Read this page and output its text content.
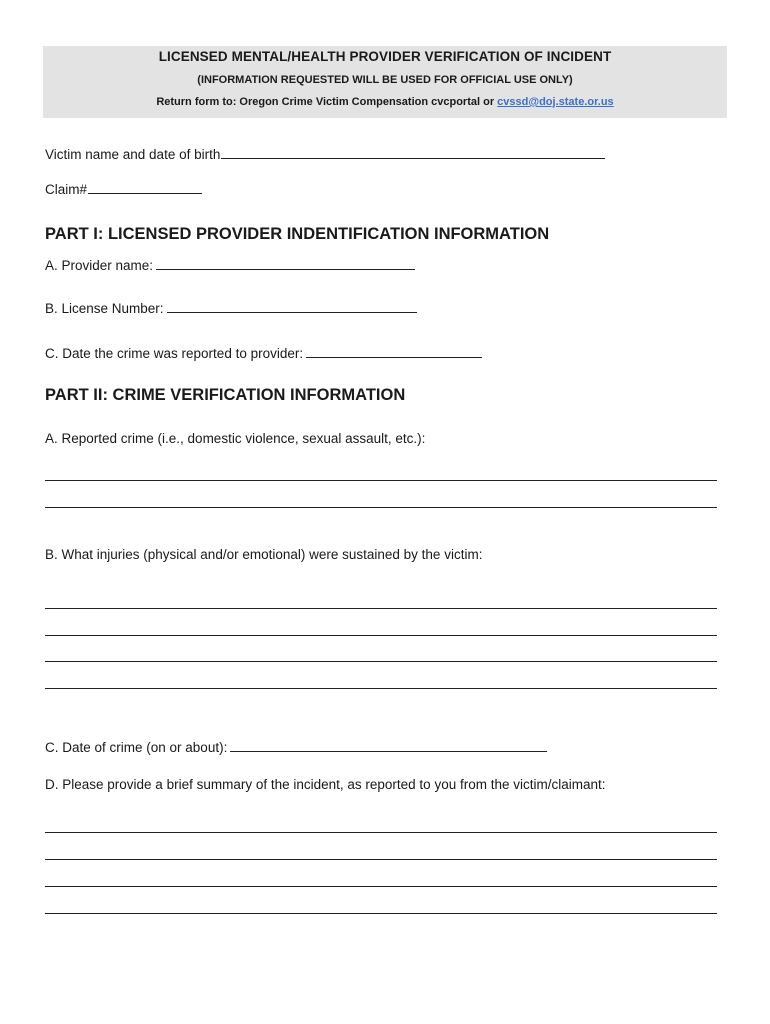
LICENSED MENTAL/HEALTH PROVIDER VERIFICATION OF INCIDENT
(INFORMATION REQUESTED WILL BE USED FOR OFFICIAL USE ONLY)
Return form to: Oregon Crime Victim Compensation cvcportal or cvssd@doj.state.or.us
Victim name and date of birth
Claim#
PART I: LICENSED PROVIDER INDENTIFICATION INFORMATION
A. Provider name:
B. License Number:
C. Date the crime was reported to provider:
PART II: CRIME VERIFICATION INFORMATION
A. Reported crime (i.e., domestic violence, sexual assault, etc.):
B. What injuries (physical and/or emotional) were sustained by the victim:
C. Date of crime (on or about):
D. Please provide a brief summary of the incident, as reported to you from the victim/claimant:
